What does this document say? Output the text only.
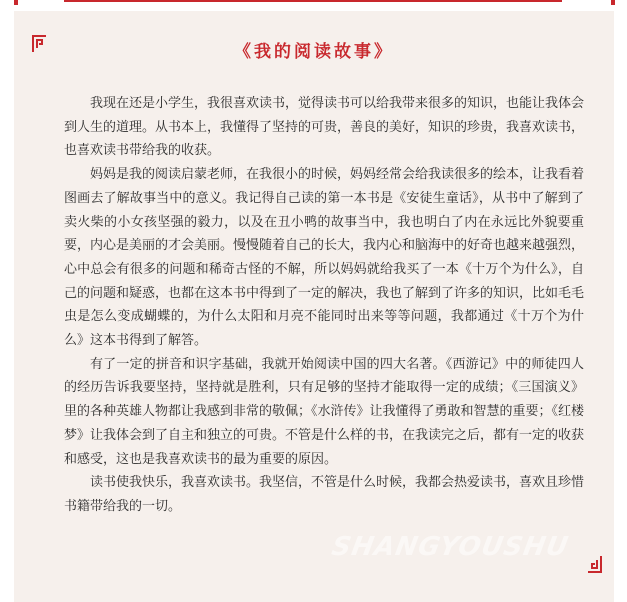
《我的阅读故事》

我现在还是小学生，我很喜欢读书，觉得读书可以给我带来很多的知识，也能让我体会到人生的道理。从书本上，我懂得了坚持的可贵，善良的美好，知识的珍贵，我喜欢读书，也喜欢读书带给我的收获。

妈妈是我的阅读启蒙老师，在我很小的时候，妈妈经常会给我读很多的绘本，让我看着图画去了解故事当中的意义。我记得自己读的第一本书是《安徒生童话》，从书中了解到了卖火柴的小女孩坚强的毅力，以及在丑小鸭的故事当中，我也明白了内在永远比外貌要重要，内心是美丽的才会美丽。慢慢随着自己的长大，我内心和脑海中的好奇也越来越强烈，心中总会有很多的问题和稀奇古怪的不解，所以妈妈就给我买了一本《十万个为什么》，自己的问题和疑惑，也都在这本书中得到了一定的解决，我也了解到了许多的知识，比如毛毛虫是怎么变成蝴蝶的，为什么太阳和月亮不能同时出来等等问题，我都通过《十万个为什么》这本书得到了解答。

有了一定的拼音和识字基础，我就开始阅读中国的四大名著。《西游记》中的师徒四人的经历告诉我要坚持，坚持就是胜利，只有足够的坚持才能取得一定的成绩；《三国演义》里的各种英雄人物都让我感到非常的敬佩；《水浒传》让我懂得了勇敢和智慧的重要；《红楼梦》让我体会到了自主和独立的可贵。不管是什么样的书，在我读完之后，都有一定的收获和感受，这也是我喜欢读书的最为重要的原因。

读书使我快乐，我喜欢读书。我坚信，不管是什么时候，我都会热爱读书，喜欢且珍惜书籍带给我的一切。

SHANGYOUSHU
